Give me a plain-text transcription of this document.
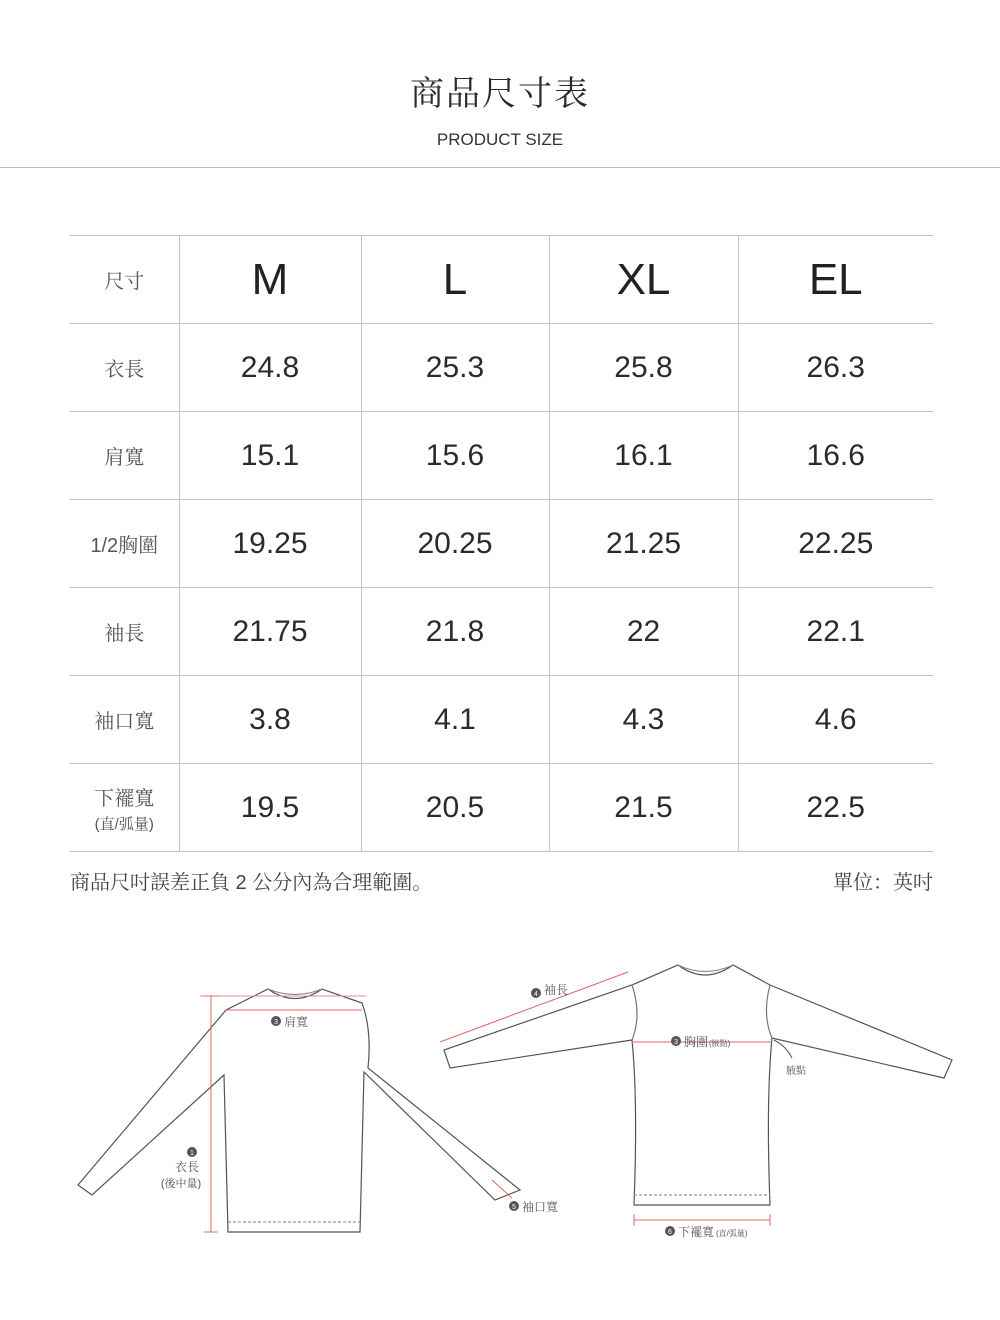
商品尺寸表
PRODUCT SIZE
尺寸	M	L	XL	EL
衣長	24.8	25.3	25.8	26.3
肩寬	15.1	15.6	16.1	16.6
1/2胸圍	19.25	20.25	21.25	22.25
袖長	21.75	21.8	22	22.1
袖口寬	3.8	4.1	4.3	4.6
下襬寬
(直/弧量)	19.5	20.5	21.5	22.5
商品尺吋誤差正負 2 公分內為合理範圍。	單位：英吋
3 肩寬
1
衣長
(後中量)
5 袖口寬
4 袖長
3 胸圍 (腋點)
腋點
6 下襬寬 (直/弧量)
